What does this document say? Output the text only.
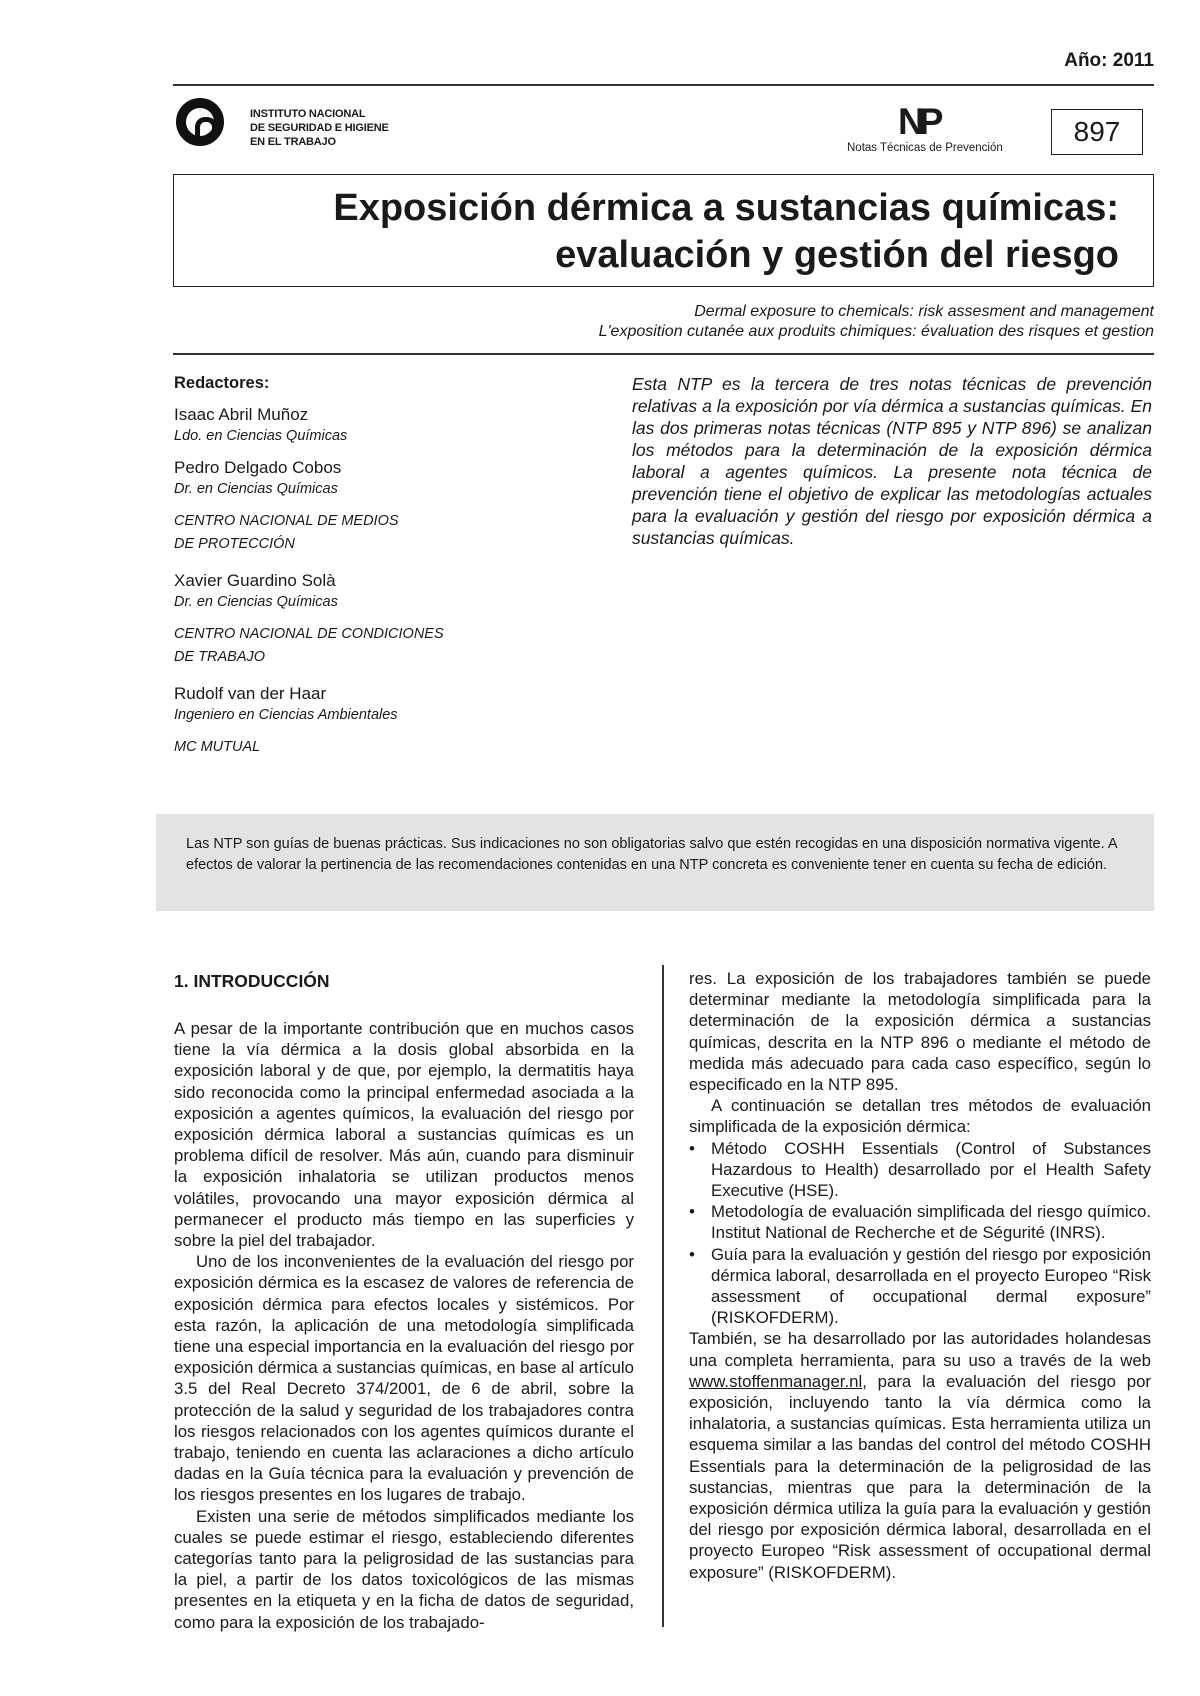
Año: 2011
INSTITUTO NACIONAL
DE SEGURIDAD E HIGIENE
EN EL TRABAJO	NP
Notas Técnicas de Prevención
897
Exposición dérmica a sustancias químicas:
evaluación y gestión del riesgo
Dermal exposure to chemicals: risk assesment and management
L'exposition cutanée aux produits chimiques: évaluation des risques et gestion
Redactores:
Isaac Abril Muñoz
Ldo. en Ciencias Químicas
Pedro Delgado Cobos
Dr. en Ciencias Químicas
CENTRO NACIONAL DE MEDIOS
DE PROTECCIÓN
Xavier Guardino Solà
Dr. en Ciencias Químicas
CENTRO NACIONAL DE CONDICIONES
DE TRABAJO
Rudolf van der Haar
Ingeniero en Ciencias Ambientales
MC MUTUAL
Esta NTP es la tercera de tres notas técnicas de prevención relativas a la exposición por vía dérmica a sustancias químicas. En las dos primeras notas técnicas (NTP 895 y NTP 896) se analizan los métodos para la determinación de la exposición dérmica laboral a agentes químicos. La presente nota técnica de prevención tiene el objetivo de explicar las metodologías actuales para la evaluación y gestión del riesgo por exposición dérmica a sustancias químicas.

Las NTP son guías de buenas prácticas. Sus indicaciones no son obligatorias salvo que estén recogidas en una disposición normativa vigente. A efectos de valorar la pertinencia de las recomendaciones contenidas en una NTP concreta es conveniente tener en cuenta su fecha de edición.

1. INTRODUCCIÓN

A pesar de la importante contribución que en muchos casos tiene la vía dérmica a la dosis global absorbida en la exposición laboral y de que, por ejemplo, la dermatitis haya sido reconocida como la principal enfermedad asociada a la exposición a agentes químicos, la evaluación del riesgo por exposición dérmica laboral a sustancias químicas es un problema difícil de resolver. Más aún, cuando para disminuir la exposición inhalatoria se utilizan productos menos volátiles, provocando una mayor exposición dérmica al permanecer el producto más tiempo en las superficies y sobre la piel del trabajador.

Uno de los inconvenientes de la evaluación del riesgo por exposición dérmica es la escasez de valores de referencia de exposición dérmica para efectos locales y sistémicos. Por esta razón, la aplicación de una metodología simplificada tiene una especial importancia en la evaluación del riesgo por exposición dérmica a sustancias químicas, en base al artículo 3.5 del Real Decreto 374/2001, de 6 de abril, sobre la protección de la salud y seguridad de los trabajadores contra los riesgos relacionados con los agentes químicos durante el trabajo, teniendo en cuenta las aclaraciones a dicho artículo dadas en la Guía técnica para la evaluación y prevención de los riesgos presentes en los lugares de trabajo.

Existen una serie de métodos simplificados mediante los cuales se puede estimar el riesgo, estableciendo diferentes categorías tanto para la peligrosidad de las sustancias para la piel, a partir de los datos toxicológicos de las mismas presentes en la etiqueta y en la ficha de datos de seguridad, como para la exposición de los trabajado-

res. La exposición de los trabajadores también se puede determinar mediante la metodología simplificada para la determinación de la exposición dérmica a sustancias químicas, descrita en la NTP 896 o mediante el método de medida más adecuado para cada caso específico, según lo especificado en la NTP 895.

A continuación se detallan tres métodos de evaluación simplificada de la exposición dérmica:

• Método COSHH Essentials (Control of Substances Hazardous to Health) desarrollado por el Health Safety Executive (HSE).
• Metodología de evaluación simplificada del riesgo químico. Institut National de Recherche et de Ségurité (INRS).
• Guía para la evaluación y gestión del riesgo por exposición dérmica laboral, desarrollada en el proyecto Europeo “Risk assessment of occupational dermal exposure” (RISKOFDERM).

También, se ha desarrollado por las autoridades holandesas una completa herramienta, para su uso a través de la web www.stoffenmanager.nl, para la evaluación del riesgo por exposición, incluyendo tanto la vía dérmica como la inhalatoria, a sustancias químicas. Esta herramienta utiliza un esquema similar a las bandas del control del método COSHH Essentials para la determinación de la peligrosidad de las sustancias, mientras que para la determinación de la exposición dérmica utiliza la guía para la evaluación y gestión del riesgo por exposición dérmica laboral, desarrollada en el proyecto Europeo “Risk assessment of occupational dermal exposure” (RISKOFDERM).
